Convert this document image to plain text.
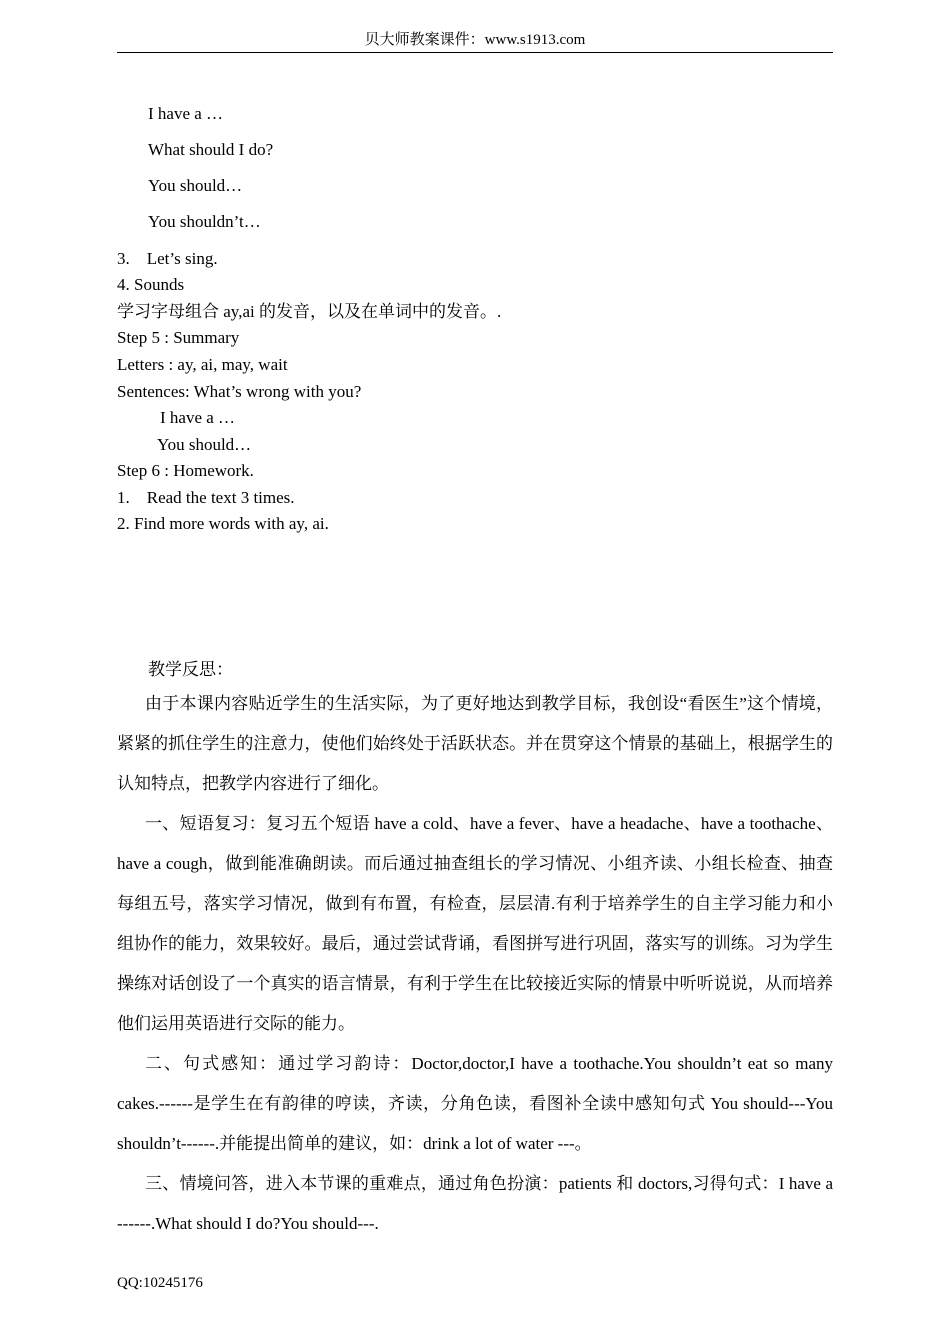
贝大师教案课件：www.s1913.com
I have a …
What should I do?
You should…
You shouldn’t…
3.    Let’s sing.
4. Sounds
学习字母组合 ay,ai 的发音，以及在单词中的发音。.
Step 5 : Summary
Letters : ay, ai, may, wait
Sentences: What’s wrong with you?
I have a …
You should…
Step 6 : Homework.
1.    Read the text 3 times.
2. Find more words with ay, ai.
教学反思：

由于本课内容贴近学生的生活实际，为了更好地达到教学目标，我创设“看医生”这个情境，紧紧的抓住学生的注意力，使他们始终处于活跃状态。并在贯穿这个情景的基础上，根据学生的认知特点，把教学内容进行了细化。

一、短语复习：复习五个短语 have a cold、have a fever、have a headache、have a toothache、have a cough，做到能准确朗读。而后通过抽查组长的学习情况、小组齐读、小组长检查、抽查每组五号，落实学习情况，做到有布置，有检查，层层清.有利于培养学生的自主学习能力和小组协作的能力，效果较好。最后，通过尝试背诵，看图拼写进行巩固，落实写的训练。习为学生操练对话创设了一个真实的语言情景，有利于学生在比较接近实际的情景中听听说说，从而培养他们运用英语进行交际的能力。

二、句式感知：通过学习韵诗：Doctor,doctor,I have a toothache.You shouldn’t eat so many cakes.------是学生在有韵律的哼读，齐读，分角色读，看图补全读中感知句式 You should---You shouldn’t------.并能提出简单的建议，如：drink a lot of water ---。

三、情境问答，进入本节课的重难点，通过角色扮演：patients 和 doctors,习得句式：I have a ------.What should I do?You should---.

QQ:10245176
